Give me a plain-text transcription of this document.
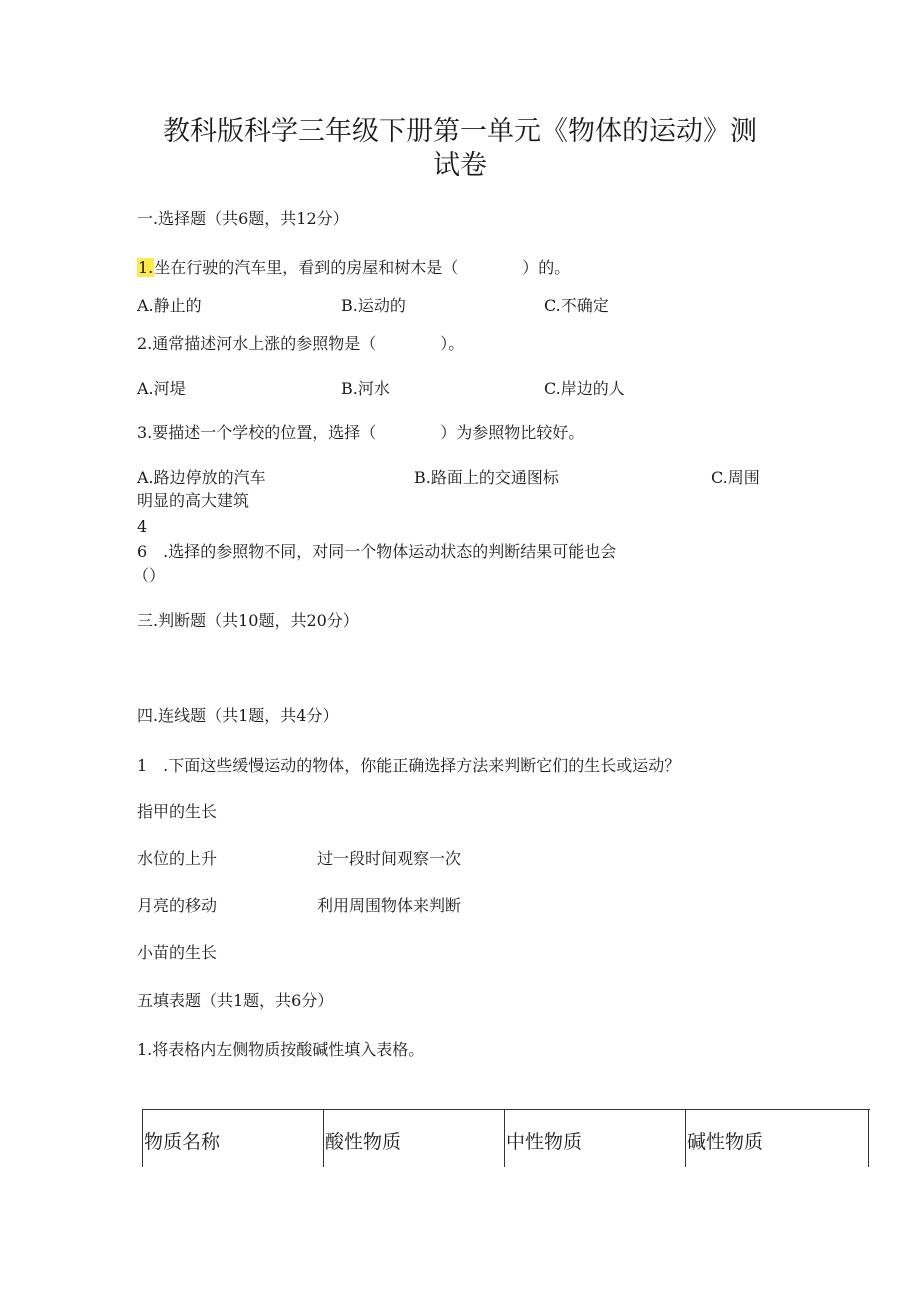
教科版科学三年级下册第一单元《物体的运动》测
试卷
一.选择题（共6题，共12分）
1.坐在行驶的汽车里，看到的房屋和树木是（　　　　）的。
A.静止的	B.运动的	C.不确定
2.通常描述河水上涨的参照物是（　　　　）。
A.河堤	B.河水	C.岸边的人
3.要描述一个学校的位置，选择（　　　　）为参照物比较好。
A.路边停放的汽车	B.路面上的交通图标	C.周围
明显的高大建筑
4
6　.选择的参照物不同，对同一个物体运动状态的判断结果可能也会
（）
三.判断题（共10题，共20分）
四.连线题（共1题，共4分）
1　.下面这些缓慢运动的物体，你能正确选择方法来判断它们的生长或运动？
指甲的生长
水位的上升	过一段时间观察一次
月亮的移动	利用周围物体来判断
小苗的生长
五填表题（共1题，共6分）
1.将表格内左侧物质按酸碱性填入表格。
物质名称	酸性物质	中性物质	碱性物质
